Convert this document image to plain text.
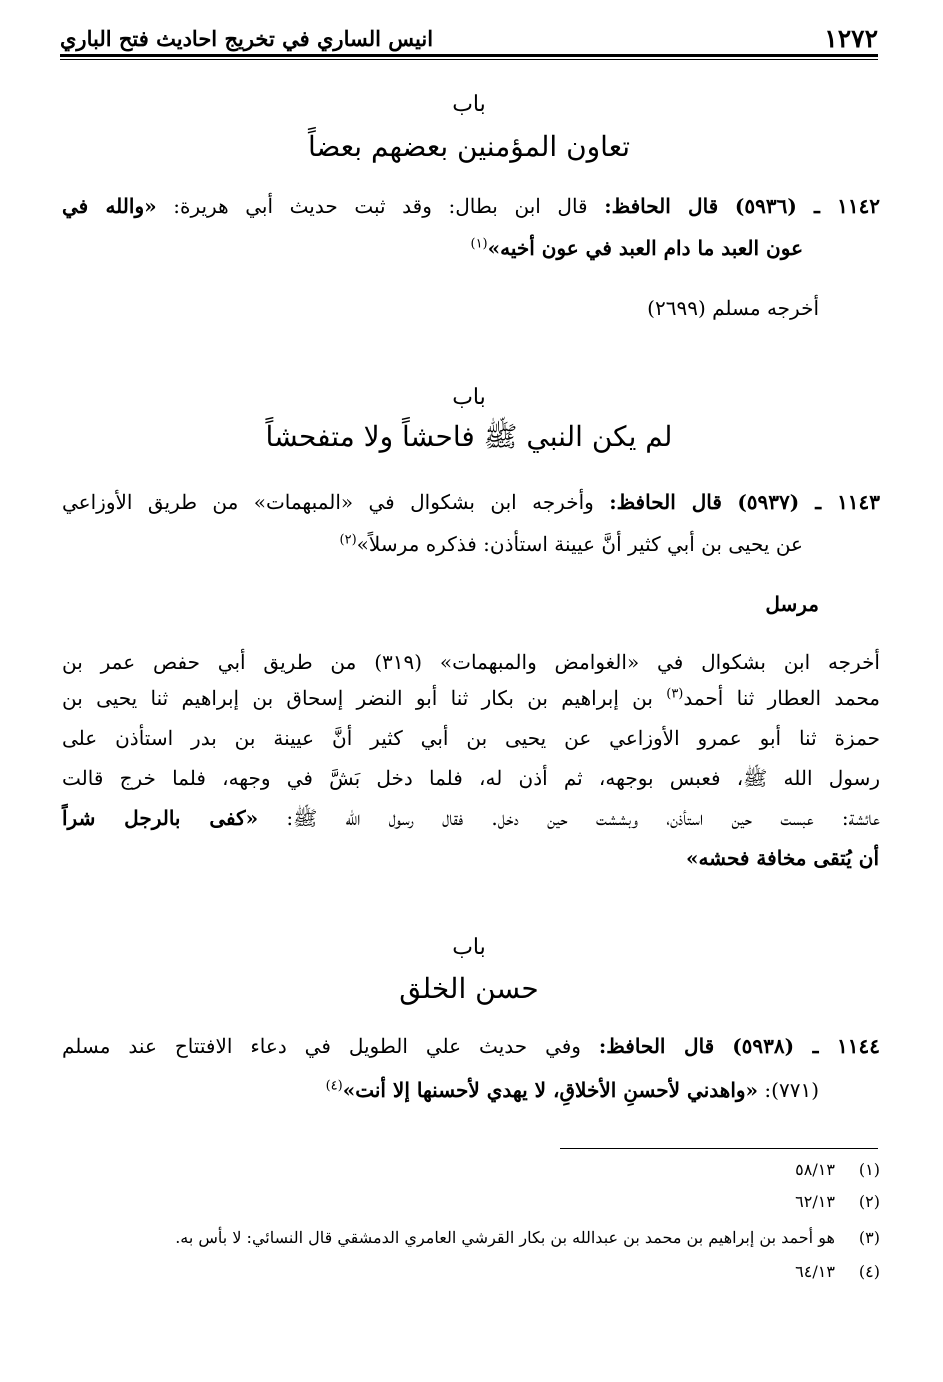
١٢٧٢
انيس الساري في تخريج احاديث فتح الباري
باب
تعاون المؤمنين بعضهم بعضاً
١١٤٢ ـ (٥٩٣٦) قال الحافظ: قال ابن بطال: وقد ثبت حديث أبي هريرة: «والله في
عون العبد ما دام العبد في عون أخيه»$^{(١)}$
أخرجه مسلم (٢٦٩٩)
باب
لم يكن النبي ﷺ فاحشاً ولا متفحشاً
١١٤٣ ـ (٥٩٣٧) قال الحافظ: وأخرجه ابن بشكوال في «المبهمات» من طريق الأوزاعي
عن يحيى بن أبي كثير أنَّ عيينة استأذن: فذكره مرسلاً»$^{(٢)}$
مرسل
أخرجه ابن بشكوال في «الغوامض والمبهمات» (٣١٩) من طريق أبي حفص عمر بن
محمد العطار ثنا أحمد$^{(٣)}$ بن إبراهيم بن بكار ثنا أبو النضر إسحاق بن إبراهيم ثنا يحيى بن
حمزة ثنا أبو عمرو الأوزاعي عن يحيى بن أبي كثير أنَّ عيينة بن بدر استأذن على
رسول الله ﷺ، فعبس بوجهه، ثم أذن له، فلما دخل بَشَّ في وجهه، فلما خرج قالت
عائشة: عبست حين استأذن، وبششت حين دخل. فقال رسول الله ﷺ: «كفى بالرجل شراً
أن يُتقى مخافة فحشه»
باب
حسن الخلق
١١٤٤ ـ (٥٩٣٨) قال الحافظ: وفي حديث علي الطويل في دعاء الافتتاح عند مسلم
(٧٧١): «واهدني لأحسنِ الأخلاقِ، لا يهدي لأحسنها إلا أنت»$^{(٤)}$
(١) ٥٨/١٣
(٢) ٦٢/١٣
(٣) هو أحمد بن إبراهيم بن محمد بن عبدالله بن بكار القرشي العامري الدمشقي قال النسائي: لا بأس به.
(٤) ٦٤/١٣
